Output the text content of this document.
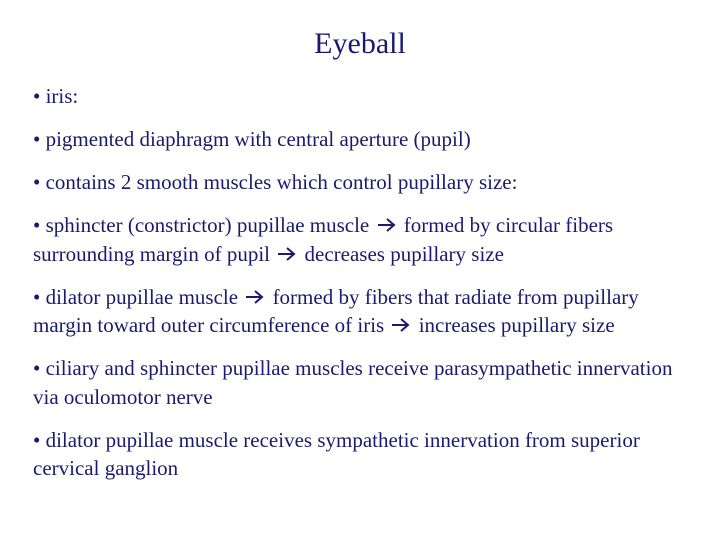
Eyeball
• iris:
• pigmented diaphragm with central aperture (pupil)
• contains 2 smooth muscles which control pupillary size:
• sphincter (constrictor) pupillae muscle formed by circular fibers surrounding margin of pupil decreases pupillary size
• dilator pupillae muscle formed by fibers that radiate from pupillary margin toward outer circumference of iris increases pupillary size
• ciliary and sphincter pupillae muscles receive parasympathetic innervation via oculomotor nerve
• dilator pupillae muscle receives sympathetic innervation from superior cervical ganglion
